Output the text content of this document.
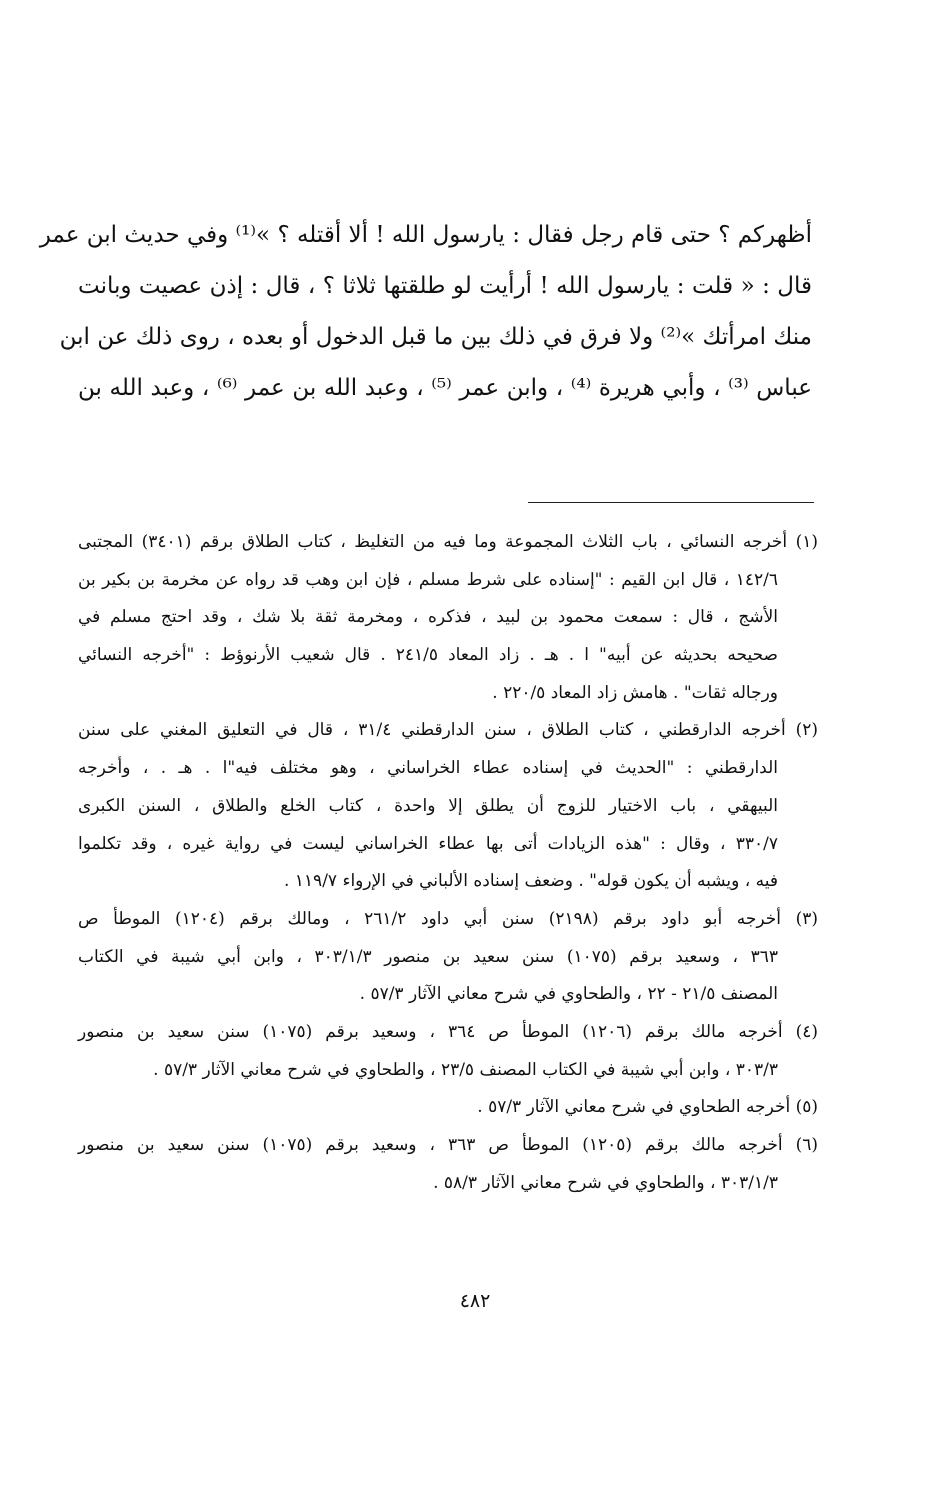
أظهركم ؟ حتى قام رجل فقال : يارسول الله ! ألا أقتله ؟ »⁽¹⁾ وفي حديث ابن عمر
قال : « قلت : يارسول الله ! أرأيت لو طلقتها ثلاثا ؟ ، قال : إذن عصيت وبانت
منك امرأتك »⁽²⁾ ولا فرق في ذلك بين ما قبل الدخول أو بعده ، روى ذلك عن ابن
عباس ⁽³⁾ ، وأبي هريرة ⁽⁴⁾ ، وابن عمر ⁽⁵⁾ ، وعبد الله بن عمر ⁽⁶⁾ ، وعبد الله بن
(١) أخرجه النسائي ، باب الثلاث المجموعة وما فيه من التغليظ ، كتاب الطلاق برقم (٣٤٠١) المجتبى
١٤٢/٦ ، قال ابن القيم : "إسناده على شرط مسلم ، فإن ابن وهب قد رواه عن مخرمة بن بكير بن
الأشج ، قال : سمعت محمود بن لبيد ، فذكره ، ومخرمة ثقة بلا شك ، وقد احتج مسلم في
صحيحه بحديثه عن أبيه" ا . هـ . زاد المعاد ٢٤١/٥ . قال شعيب الأرنوؤط : "أخرجه النسائي
ورجاله ثقات" . هامش زاد المعاد ٢٢٠/٥ .
(٢) أخرجه الدارقطني ، كتاب الطلاق ، سنن الدارقطني ٣١/٤ ، قال في التعليق المغني على سنن
الدارقطني : "الحديث في إسناده عطاء الخراساني ، وهو مختلف فيه"ا . هـ . ، وأخرجه
البيهقي ، باب الاختيار للزوج أن يطلق إلا واحدة ، كتاب الخلع والطلاق ، السنن الكبرى
٣٣٠/٧ ، وقال : "هذه الزيادات أتى بها عطاء الخراساني ليست في رواية غيره ، وقد تكلموا
فيه ، ويشبه أن يكون قوله" . وضعف إسناده الألباني في الإرواء ١١٩/٧ .
(٣) أخرجه أبو داود برقم (٢١٩٨) سنن أبي داود ٢٦١/٢ ، ومالك برقم (١٢٠٤) الموطأ ص
٣٦٣ ، وسعيد برقم (١٠٧٥) سنن سعيد بن منصور ٣٠٣/١/٣ ، وابن أبي شيبة في الكتاب
المصنف ٢١/٥ - ٢٢ ، والطحاوي في شرح معاني الآثار ٥٧/٣ .
(٤) أخرجه مالك برقم (١٢٠٦) الموطأ ص ٣٦٤ ، وسعيد برقم (١٠٧٥) سنن سعيد بن منصور
٣٠٣/٣ ، وابن أبي شيبة في الكتاب المصنف ٢٣/٥ ، والطحاوي في شرح معاني الآثار ٥٧/٣ .
(٥) أخرجه الطحاوي في شرح معاني الآثار ٥٧/٣ .
(٦) أخرجه مالك برقم (١٢٠٥) الموطأ ص ٣٦٣ ، وسعيد برقم (١٠٧٥) سنن سعيد بن منصور
٣٠٣/١/٣ ، والطحاوي في شرح معاني الآثار ٥٨/٣ .
٤٨٢
